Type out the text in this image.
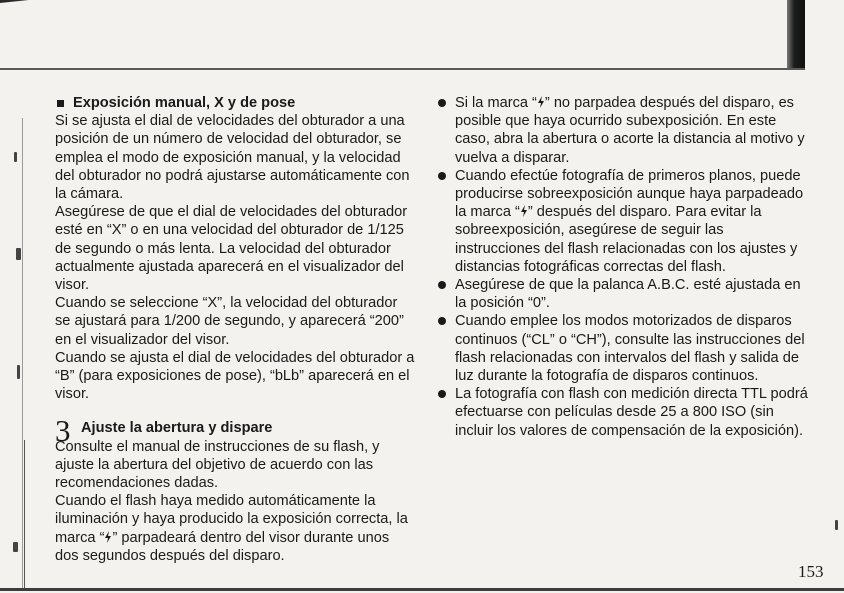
Exposición manual, X y de pose

Si se ajusta el dial de velocidades del obturador a una posición de un número de velocidad del obturador, se emplea el modo de exposición manual, y la velocidad del obturador no podrá ajustarse automáticamente con la cámara.

Asegúrese de que el dial de velocidades del obturador esté en “X” o en una velocidad del obturador de 1/125 de segundo o más lenta. La velocidad del obturador actualmente ajustada aparecerá en el visualizador del visor.

Cuando se seleccione “X”, la velocidad del obturador se ajustará para 1/200 de segundo, y aparecerá “200” en el visualizador del visor.

Cuando se ajusta el dial de velocidades del obturador a “B” (para exposiciones de pose), “bLb” aparecerá en el visor.

3 Ajuste la abertura y dispare

Consulte el manual de instrucciones de su flash, y ajuste la abertura del objetivo de acuerdo con las recomendaciones dadas.

Cuando el flash haya medido automáticamente la iluminación y haya producido la exposición correcta, la marca “ ” parpadeará dentro del visor durante unos dos segundos después del disparo.

Si la marca “ ” no parpadea después del disparo, es posible que haya ocurrido subexposición. En este caso, abra la abertura o acorte la distancia al motivo y vuelva a disparar.
Cuando efectúe fotografía de primeros planos, puede producirse sobreexposición aunque haya parpadeado la marca “ ” después del disparo. Para evitar la sobreexposición, asegúrese de seguir las instrucciones del flash relacionadas con los ajustes y distancias fotográficas correctas del flash.
Asegúrese de que la palanca A.B.C. esté ajustada en la posición “0”.
Cuando emplee los modos motorizados de disparos continuos (“CL” o “CH”), consulte las instrucciones del flash relacionadas con intervalos del flash y salida de luz durante la fotografía de disparos continuos.
La fotografía con flash con medición directa TTL podrá efectuarse con películas desde 25 a 800 ISO (sin incluir los valores de compensación de la exposición).
153
